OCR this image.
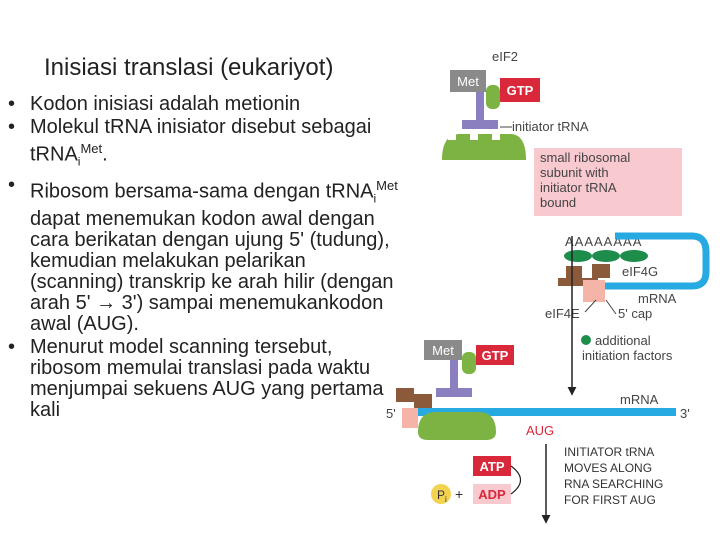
Inisiasi translasi (eukariyot)
• Kodon inisiasi adalah metionin
• Molekul tRNA inisiator disebut sebagai tRNA$_i^{Met}$.
• Ribosom bersama-sama dengan tRNA$_i^{Met}$ dapat menemukan kodon awal dengan cara berikatan dengan ujung 5' (tudung), kemudian melakukan pelarikan (scanning) transkrip ke arah hilir (dengan arah 5' → 3') sampai menemukankodon awal (AUG).
• Menurut model scanning tersebut, ribosom memulai translasi pada waktu menjumpai sekuens AUG yang pertama kali
eIF2
Met
GTP
initiator tRNA
small ribosomal
subunit with
initiator tRNA
bound
AAAAAAAA
eIF4G
eIF4E
mRNA
5' cap
additional
initiation factors
Met GTP
5'	3'
mRNA
AUG
ATP
$P_i$ + ADP
INITIATOR tRNA
MOVES ALONG
RNA SEARCHING
FOR FIRST AUG
